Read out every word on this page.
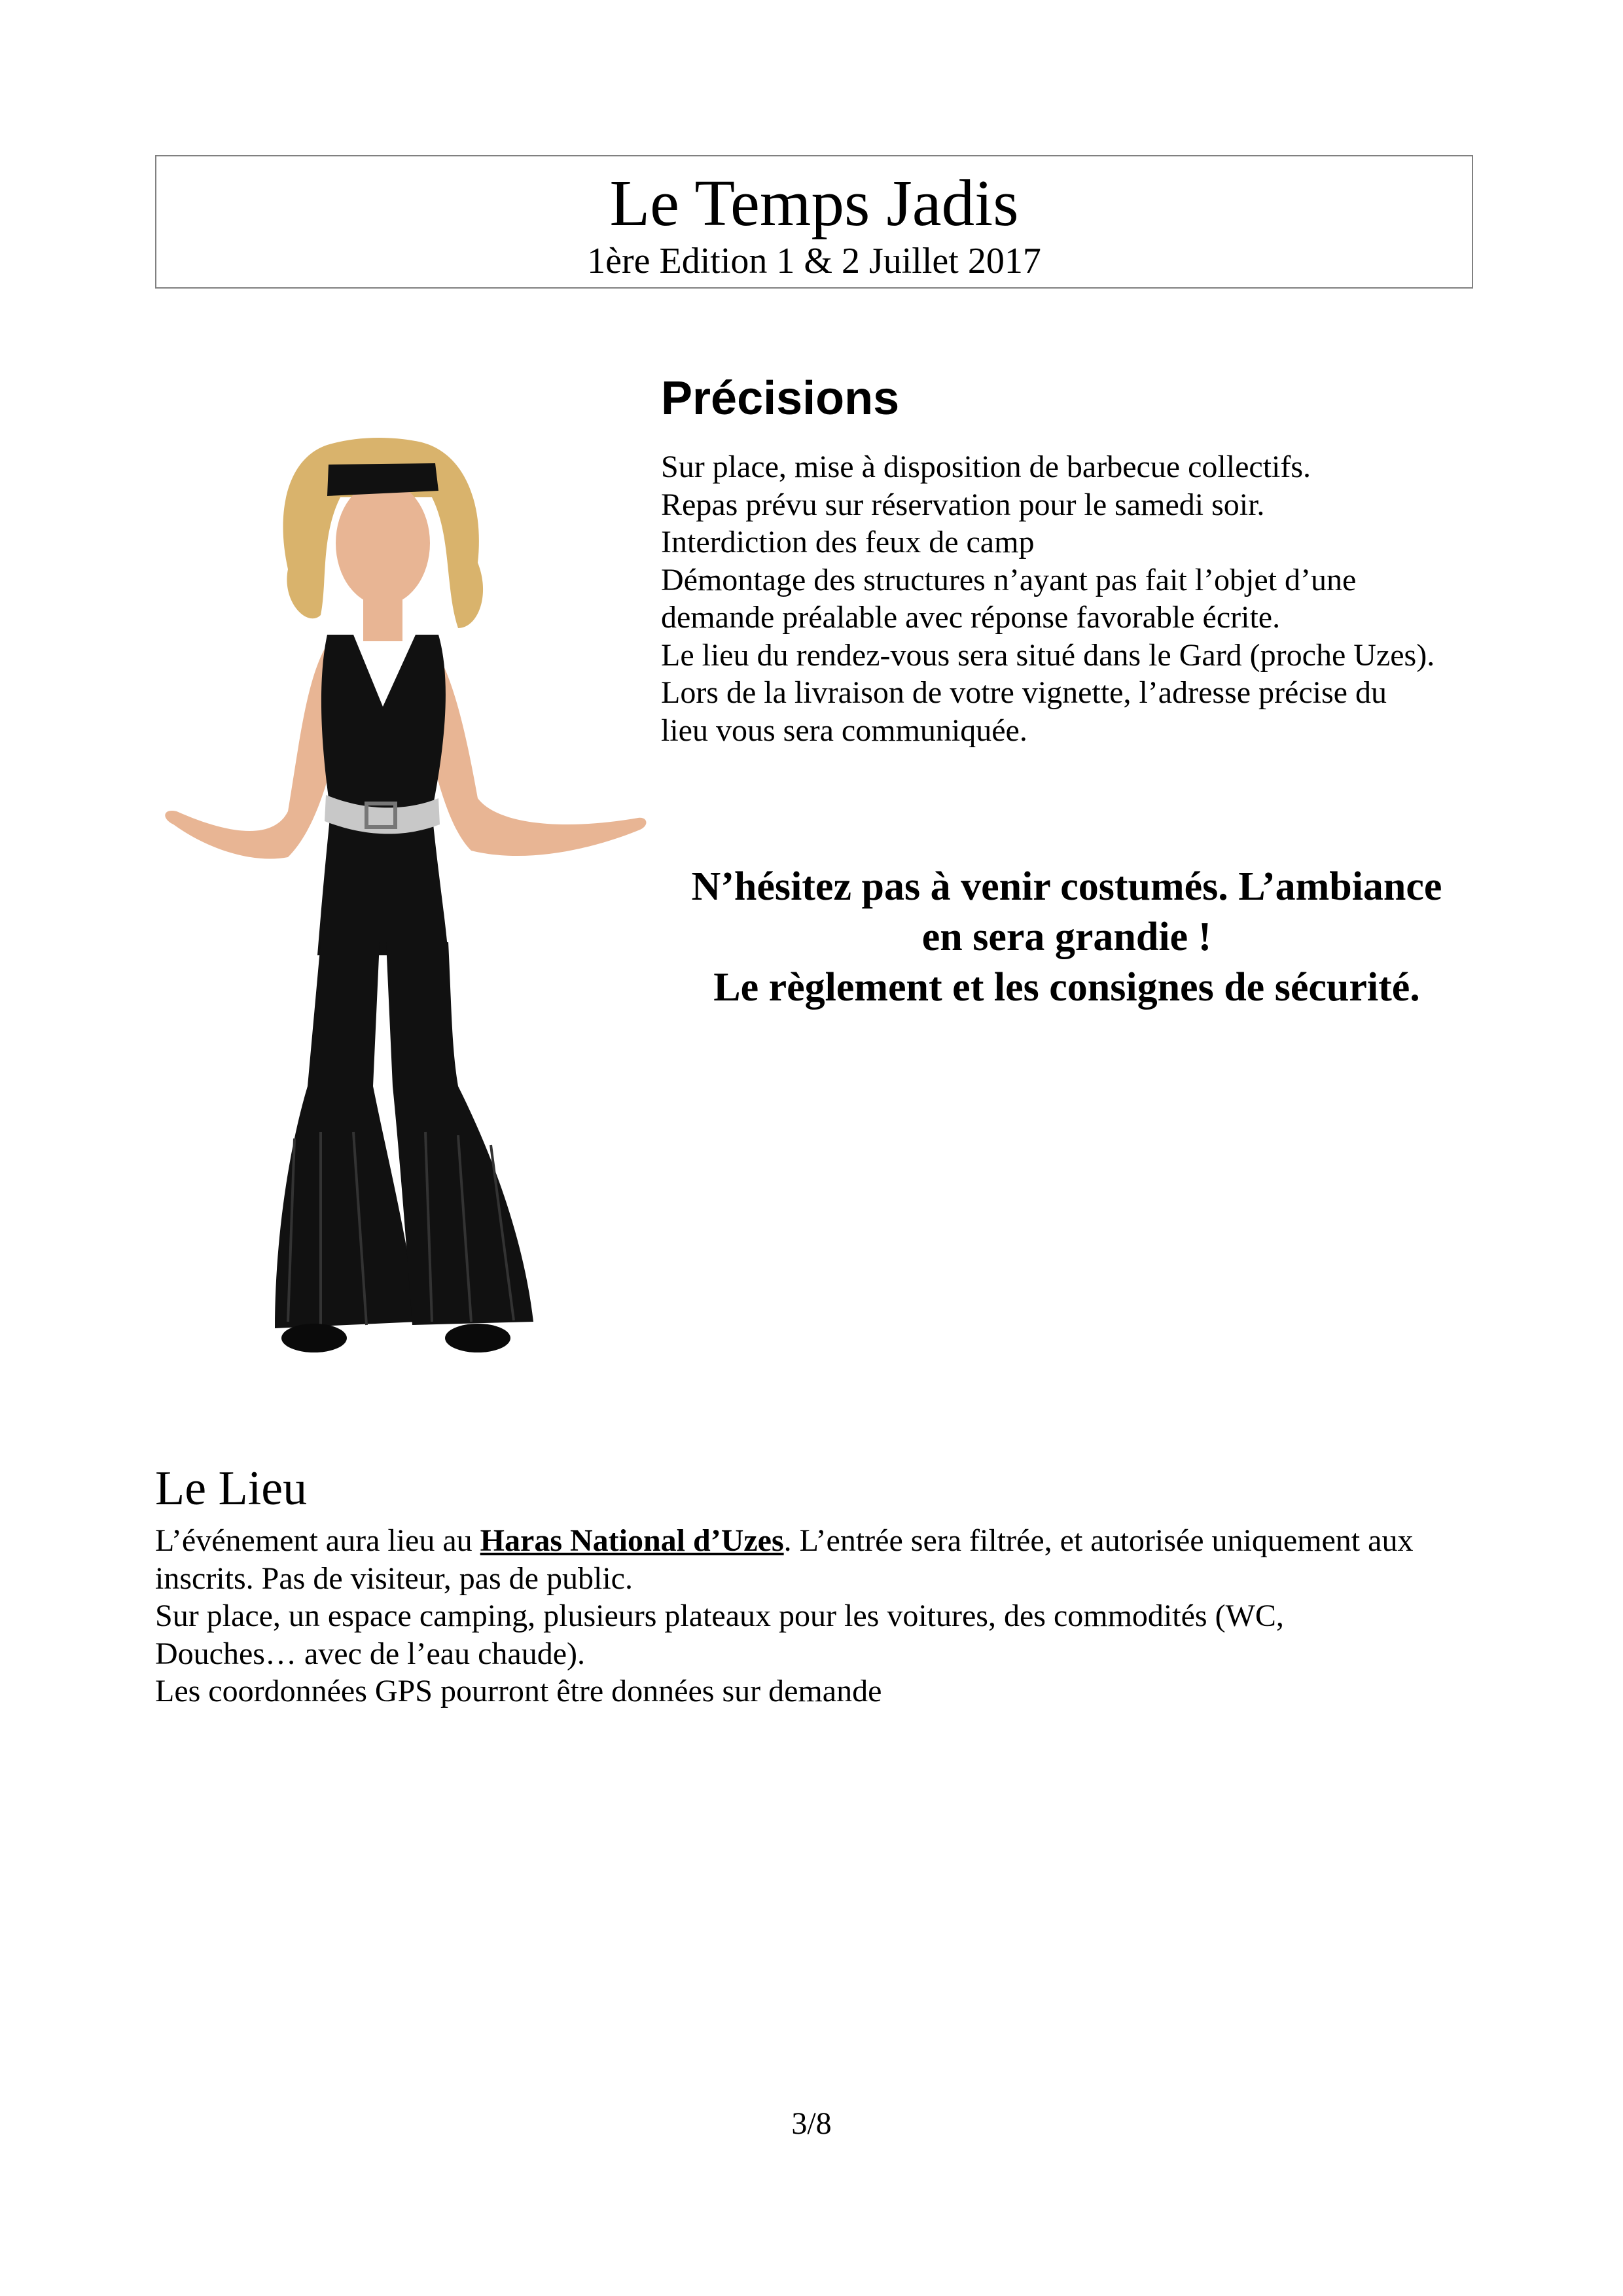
Le Temps Jadis
1ère Edition 1 & 2 Juillet 2017
Précisions
Sur place, mise à disposition de barbecue collectifs.
Repas prévu sur réservation pour le samedi soir.
Interdiction des feux de camp
Démontage des structures n’ayant pas fait l’objet d’une
demande préalable avec réponse favorable écrite.
Le lieu du rendez-vous sera situé dans le Gard (proche Uzes).
Lors de la livraison de votre vignette, l’adresse précise du
lieu vous sera communiquée.
N’hésitez pas à venir costumés. L’ambiance
en sera grandie !
Le règlement et les consignes de sécurité.
Le Lieu
L’événement aura lieu au Haras National d’Uzes. L’entrée sera filtrée, et autorisée uniquement aux
inscrits. Pas de visiteur, pas de public.
Sur place, un espace camping, plusieurs plateaux pour les voitures, des commodités (WC,
Douches… avec de l’eau chaude).
Les coordonnées GPS pourront être données sur demande
3/8
